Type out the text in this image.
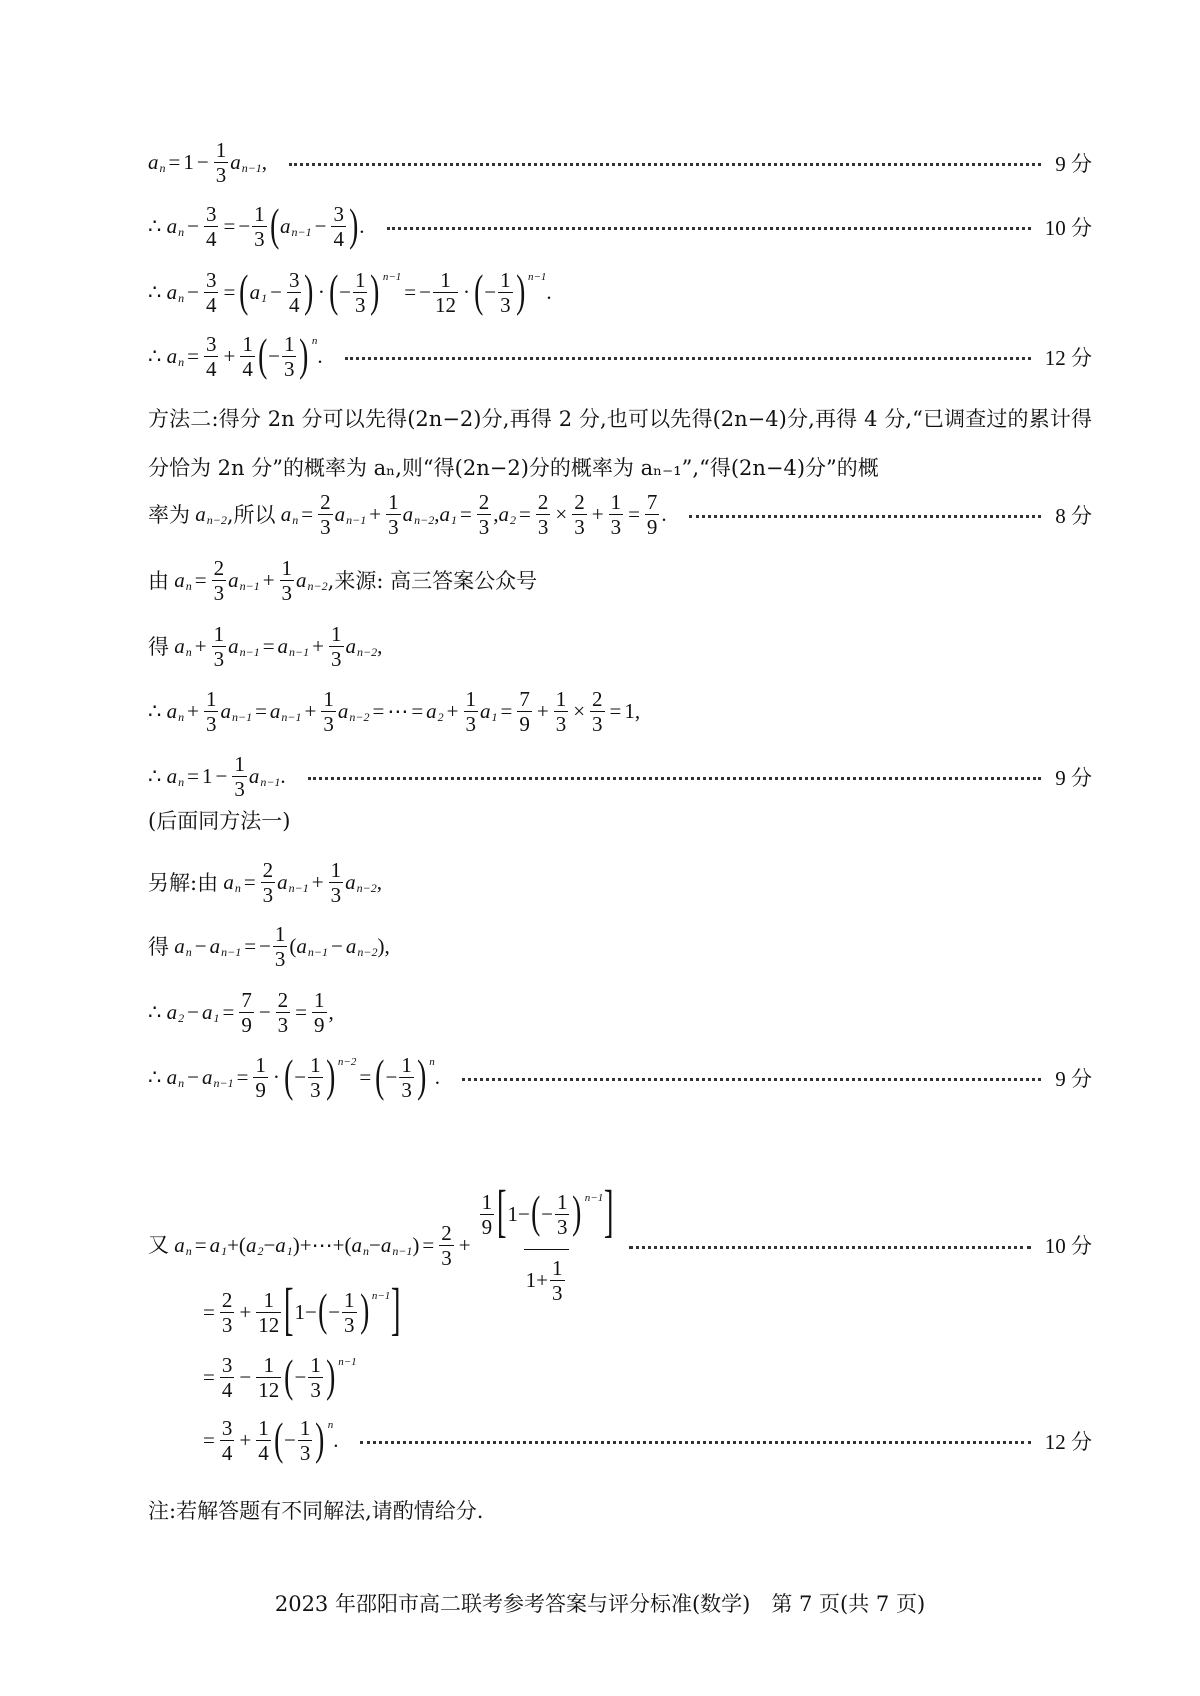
a $n = 1 - \frac{1}{3}$ a n−1 ,	9 分
∴ a $n - \frac{3}{4}$ = − $\frac{1}{3}$ ( a $n-1 - \frac{3}{4}$ ) .	10 分
∴ a $n - \frac{3}{4}$ = ( a $1 - \frac{3}{4}$ ) · ( − $\frac{1}{3}$ ) n−1
= − $\frac{1}{12}$ · ( − $\frac{1}{3}$ ) n−1
.
∴ a $n = \frac{3}{4} + \frac{1}{4}$ ( − $\frac{1}{3}$ ) n
.	12 分
方法二:得分 2n 分可以先得(2n−2)分,再得 2 分,也可以先得(2n−4)分,再得 4 分,“已调查过的累计得分恰为 2n 分”的概率为 aₙ,则“得(2n−2)分的概率为 aₙ₋₁”,“得(2n−4)分”的概
率为
a n−2 ,所以
a $n = \frac{2}{3}$ a $n-1 + \frac{1}{3}$ a n−2 , a $1 = \frac{2}{3}$ , a $2 = \frac{2}{3} \times \frac{2}{3} + \frac{1}{3} = \frac{7}{9}$ .	8 分
由
a $n = \frac{2}{3}$ a $n-1 + \frac{1}{3}$ a n−2 ,来源: 高三答案公众号
得
a $n + \frac{1}{3}$ a n−1 = a $n-1 + \frac{1}{3}$ a n−2 ,
∴ a $n + \frac{1}{3}$ a n−1 = a $n-1 + \frac{1}{3}$ a n−2 = ⋯ = a $2 + \frac{1}{3}$ a $1 = \frac{7}{9} + \frac{1}{3} \times \frac{2}{3} = 1$,
∴ a $n = 1 - \frac{1}{3}$ a n−1 .	9 分
(后面同方法一)
另解:由
a $n = \frac{2}{3}$ a $n-1 + \frac{1}{3}$ a n−2 ,
得
a n − a n−1 = − $\frac{1}{3}$ ( a n−1 − a n−2 ),
∴ a 2 − a $1 = \frac{7}{9} - \frac{2}{3} = \frac{1}{9}$ ,
∴ a n − a $n-1 = \frac{1}{9}$ · ( − $\frac{1}{3}$ ) n−2
= ( − $\frac{1}{3}$ ) n
.	9 分
又
a n = a 1 +( a 2 − a 1 )+⋯+( a n − a n−1 ) = $\frac{2}{3} + \frac{\frac{1}{9} [ 1- ( - \frac{1}{3} ) n-1 ]}{1+ \frac{1}{3}}$	10 分
= $\frac{2}{3} + \frac{1}{12}$ [ 1− ( − $\frac{1}{3}$ ) n−1 ]
= $\frac{3}{4} - \frac{1}{12}$ ( − $\frac{1}{3}$ ) n−1
= $\frac{3}{4} + \frac{1}{4}$ ( − $\frac{1}{3}$ ) n
.	12 分
注:若解答题有不同解法,请酌情给分.
2023 年邵阳市高二联考参考答案与评分标准(数学)　第 7 页(共 7 页)
